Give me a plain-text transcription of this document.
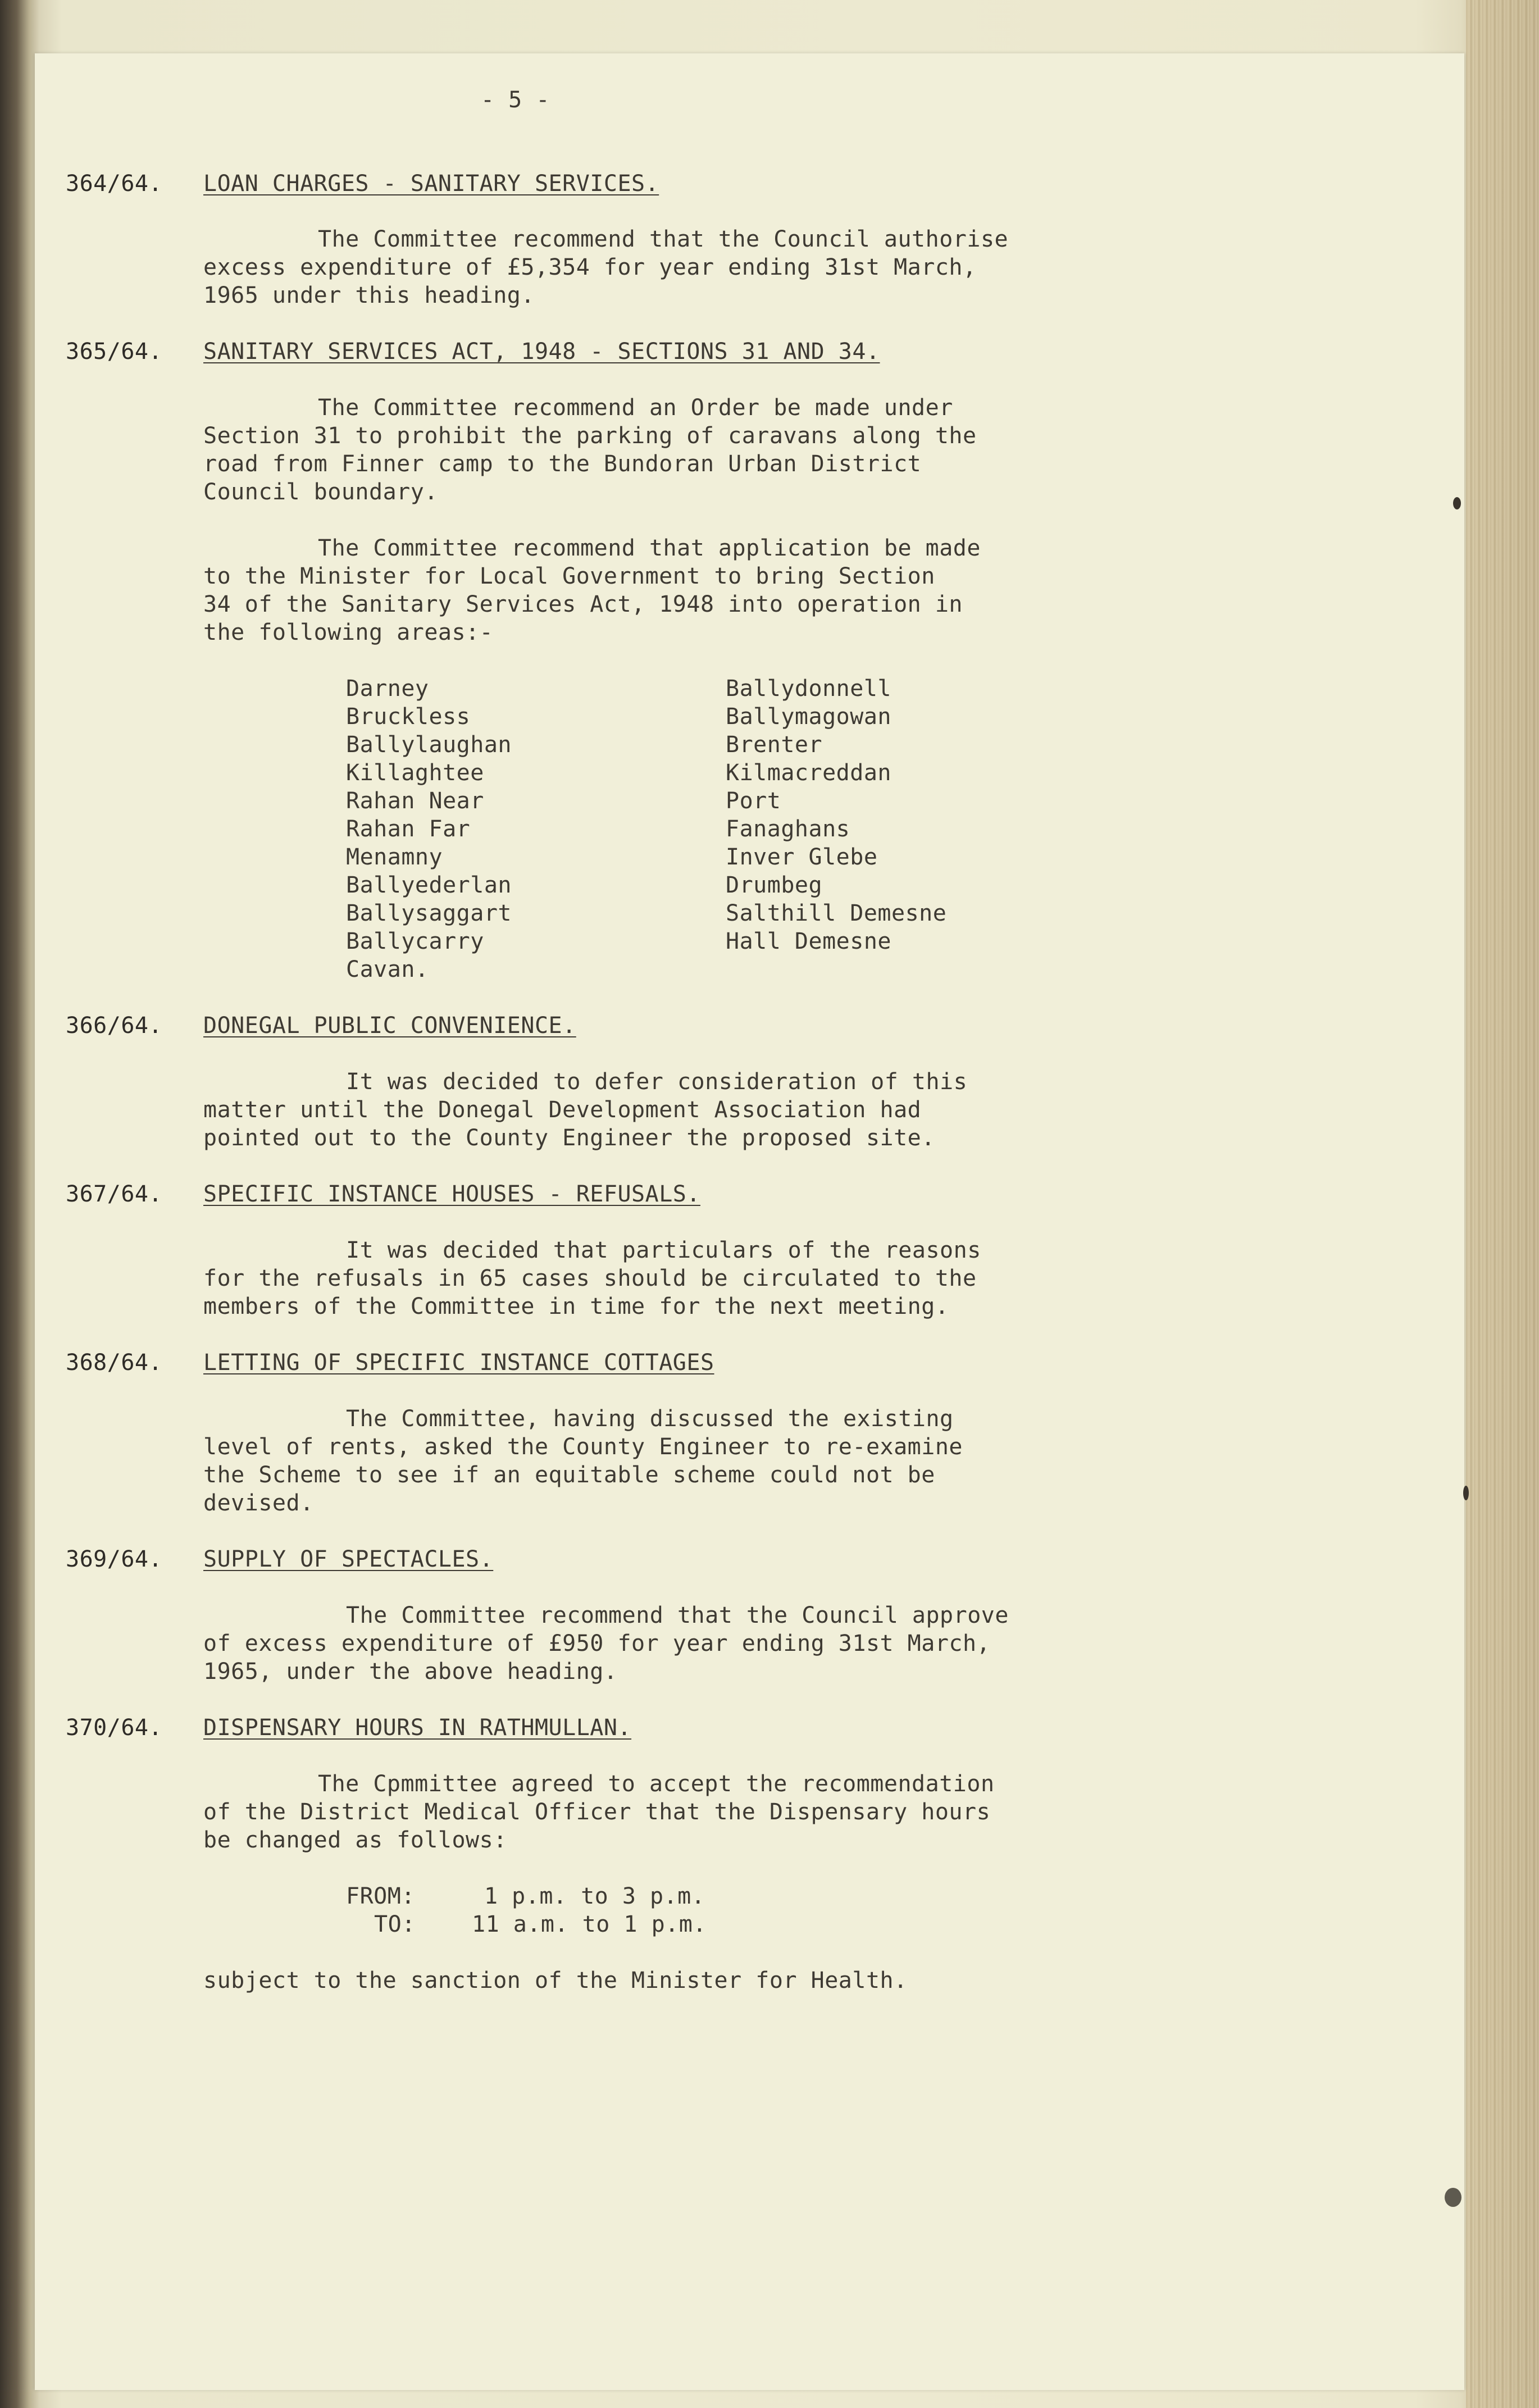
- 5 -
364/64. LOAN CHARGES - SANITARY SERVICES.
The Committee recommend that the Council authorise
excess expenditure of £5,354 for year ending 31st March,
1965 under this heading.
365/64. SANITARY SERVICES ACT, 1948 - SECTIONS 31 AND 34.
The Committee recommend an Order be made under
Section 31 to prohibit the parking of caravans along the
road from Finner camp to the Bundoran Urban District
Council boundary.
The Committee recommend that application be made
to the Minister for Local Government to bring Section
34 of the Sanitary Services Act, 1948 into operation in
the following areas:-
Darney
Bruckless
Ballylaughan
Killaghtee
Rahan Near
Rahan Far
Menamny
Ballyederlan
Ballysaggart
Ballycarry
Cavan.
Ballydonnell
Ballymagowan
Brenter
Kilmacreddan
Port
Fanaghans
Inver Glebe
Drumbeg
Salthill Demesne
Hall Demesne
366/64. DONEGAL PUBLIC CONVENIENCE.
It was decided to defer consideration of this
matter until the Donegal Development Association had
pointed out to the County Engineer the proposed site.
367/64. SPECIFIC INSTANCE HOUSES - REFUSALS.
It was decided that particulars of the reasons
for the refusals in 65 cases should be circulated to the
members of the Committee in time for the next meeting.
368/64. LETTING OF SPECIFIC INSTANCE COTTAGES
The Committee, having discussed the existing
level of rents, asked the County Engineer to re-examine
the Scheme to see if an equitable scheme could not be
devised.
369/64. SUPPLY OF SPECTACLES.
The Committee recommend that the Council approve
of excess expenditure of £950 for year ending 31st March,
1965, under the above heading.
370/64. DISPENSARY HOURS IN RATHMULLAN.
The Cpmmittee agreed to accept the recommendation
of the District Medical Officer that the Dispensary hours
be changed as follows:
FROM:	1 p.m. to 3 p.m.
TO:	11 a.m. to 1 p.m.
subject to the sanction of the Minister for Health.
